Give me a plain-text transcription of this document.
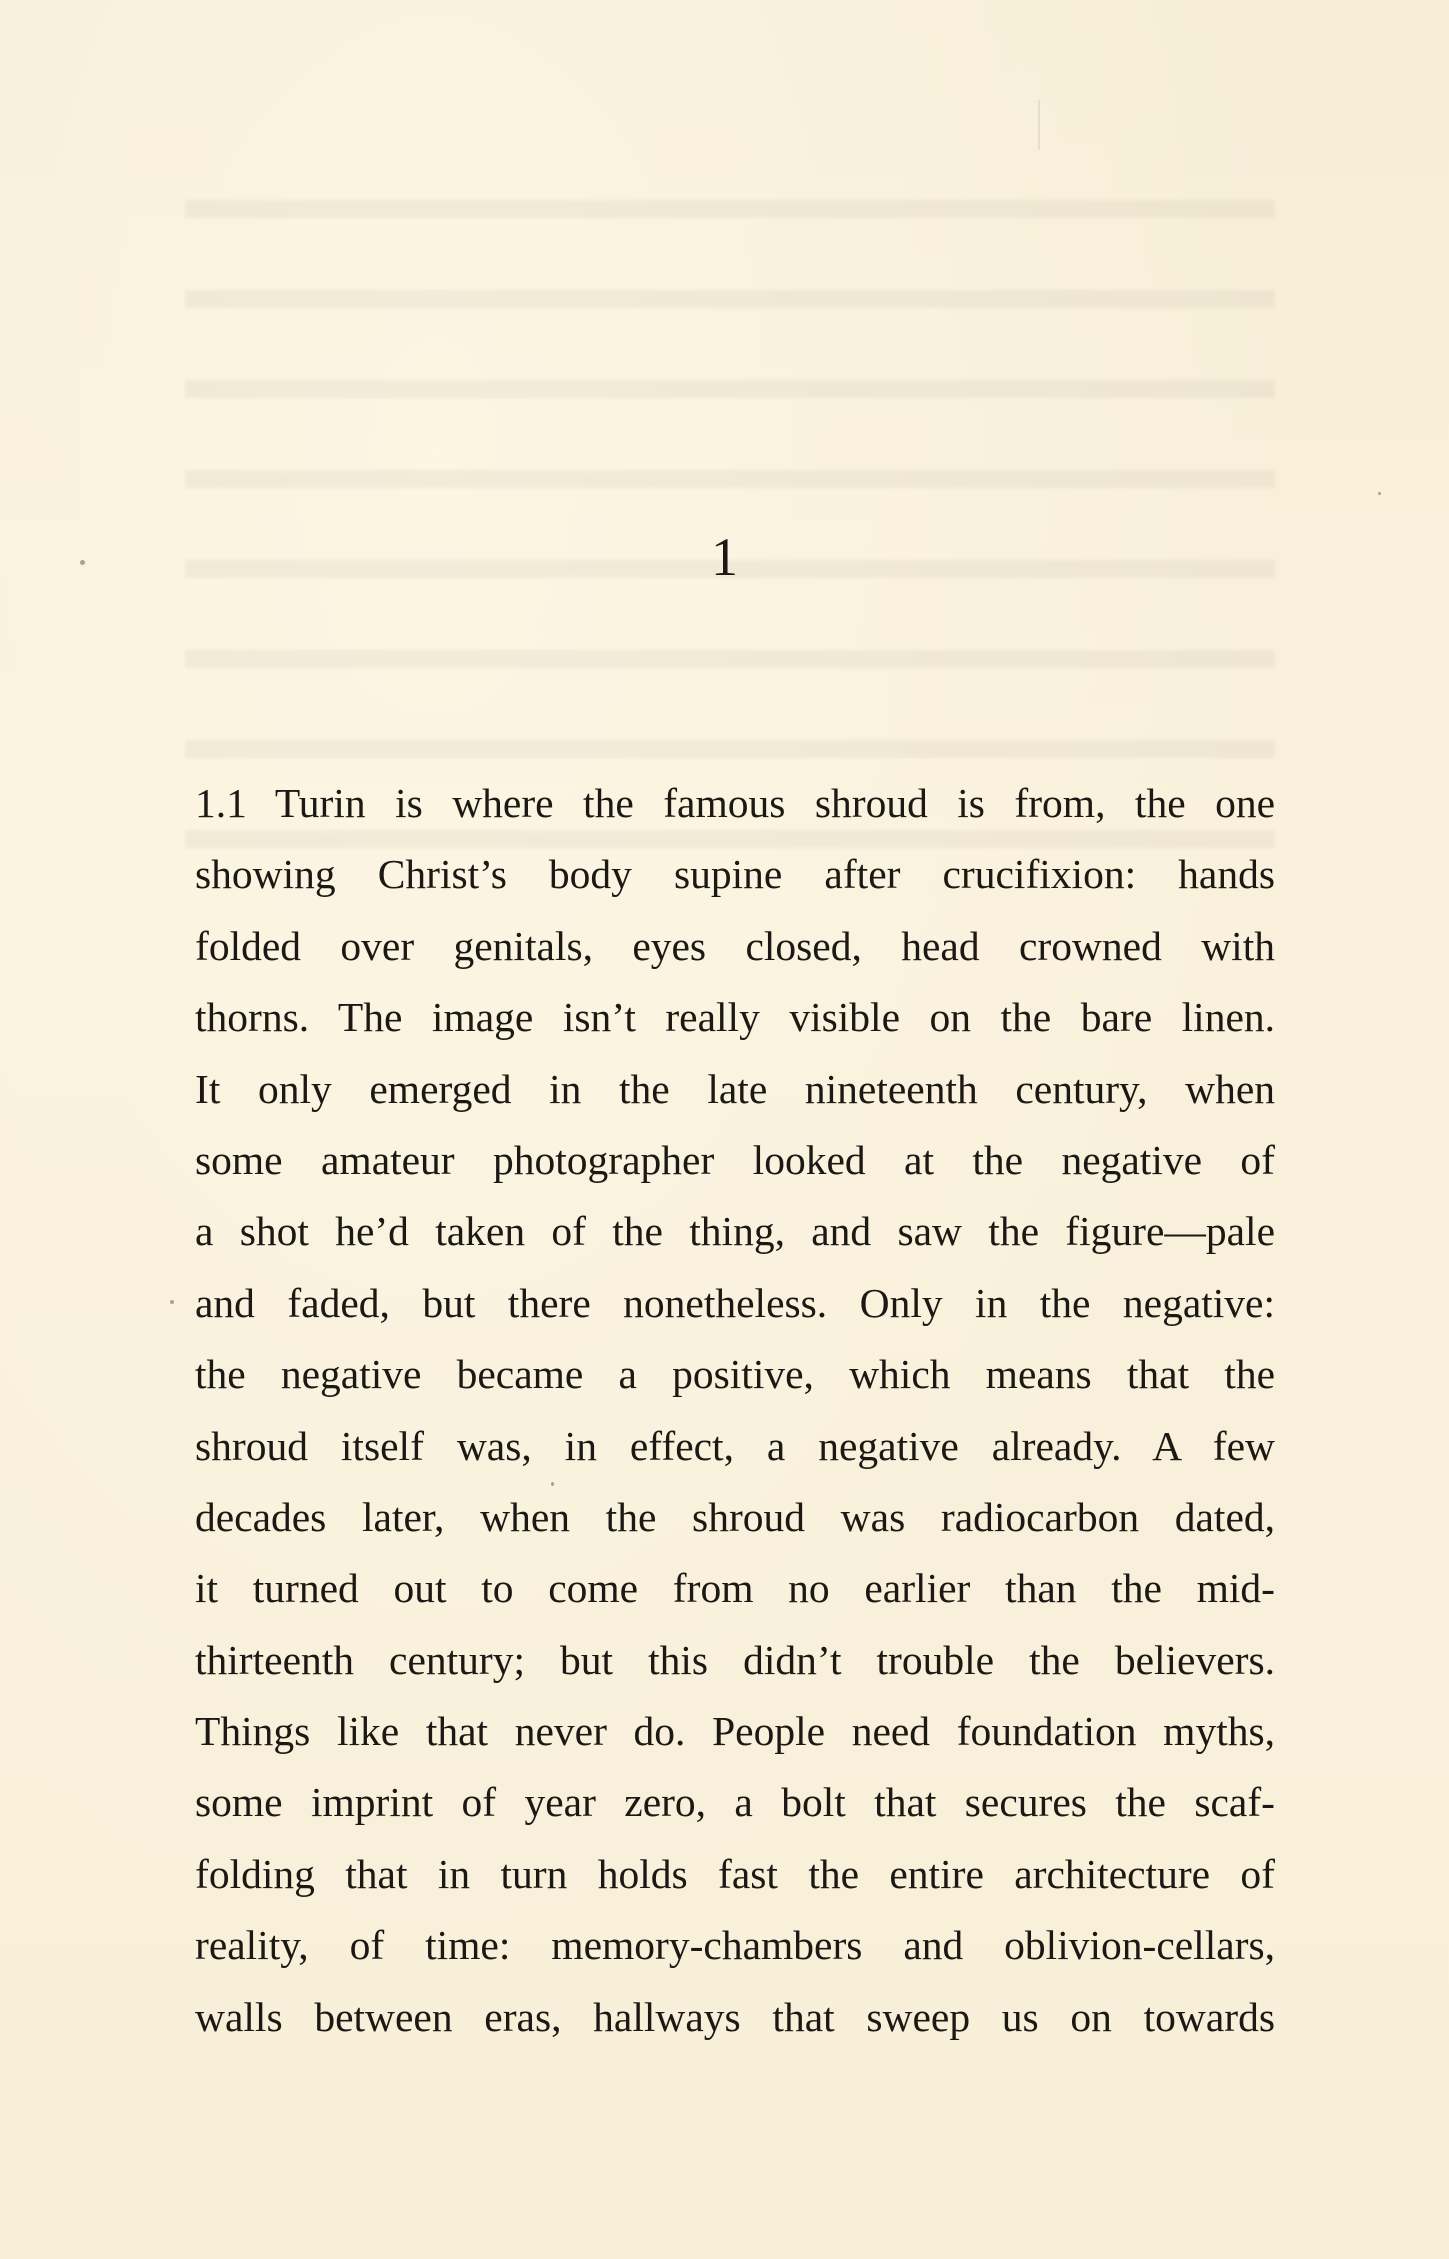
1
1.1 Turin is where the famous shroud is from, the one
showing Christ’s body supine after crucifixion: hands
folded over genitals, eyes closed, head crowned with
thorns. The image isn’t really visible on the bare linen.
It only emerged in the late nineteenth century, when
some amateur photographer looked at the negative of
a shot he’d taken of the thing, and saw the figure—pale
and faded, but there nonetheless. Only in the negative:
the negative became a positive, which means that the
shroud itself was, in effect, a negative already. A few
decades later, when the shroud was radiocarbon dated,
it turned out to come from no earlier than the mid-
thirteenth century; but this didn’t trouble the believers.
Things like that never do. People need foundation myths,
some imprint of year zero, a bolt that secures the scaf-
folding that in turn holds fast the entire architecture of
reality, of time: memory-chambers and oblivion-cellars,
walls between eras, hallways that sweep us on towards
